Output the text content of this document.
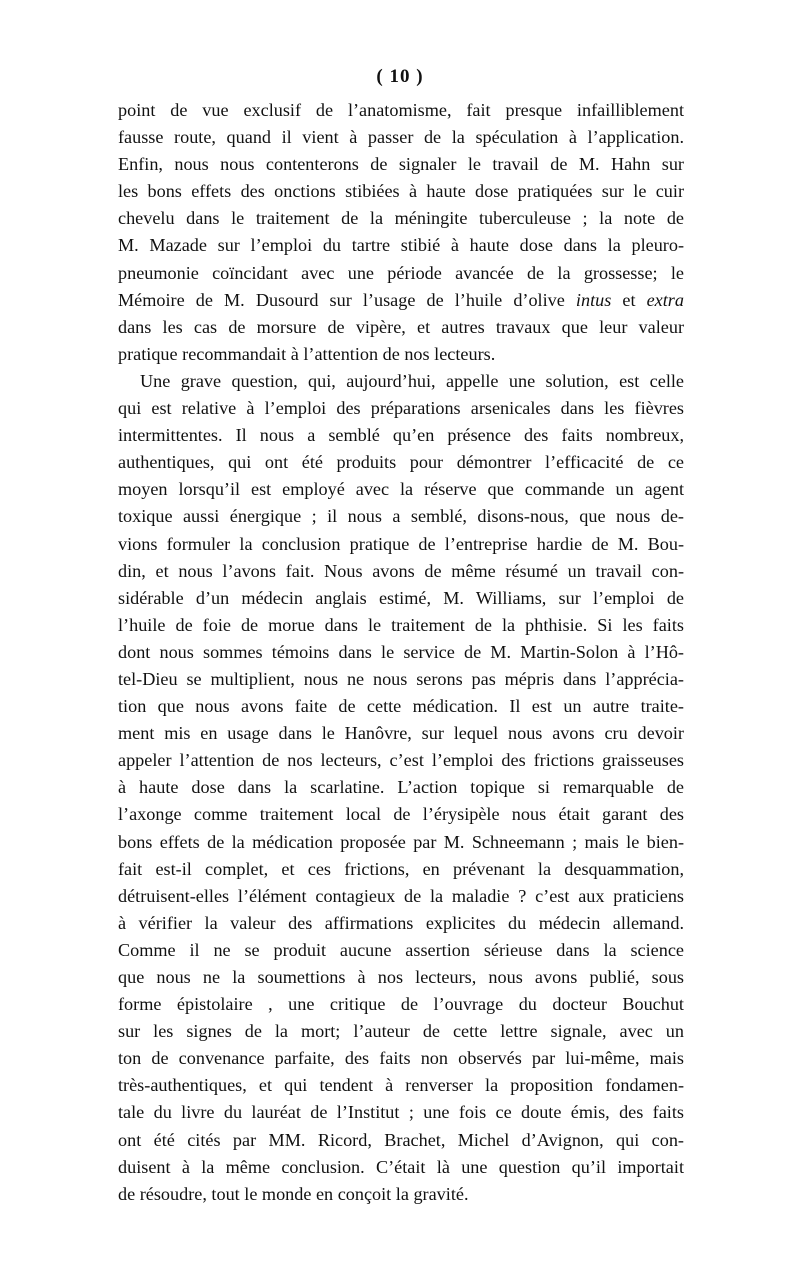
( 10 )
point de vue exclusif de l’anatomisme, fait presque infailliblement
fausse route, quand il vient à passer de la spéculation à l’application.
Enfin, nous nous contenterons de signaler le travail de M. Hahn sur
les bons effets des onctions stibiées à haute dose pratiquées sur le cuir
chevelu dans le traitement de la méningite tuberculeuse ; la note de
M. Mazade sur l’emploi du tartre stibié à haute dose dans la pleuro-
pneumonie coïncidant avec une période avancée de la grossesse; le
Mémoire de M. Dusourd sur l’usage de l’huile d’olive intus et extra
dans les cas de morsure de vipère, et autres travaux que leur valeur
pratique recommandait à l’attention de nos lecteurs.
Une grave question, qui, aujourd’hui, appelle une solution, est celle
qui est relative à l’emploi des préparations arsenicales dans les fièvres
intermittentes. Il nous a semblé qu’en présence des faits nombreux,
authentiques, qui ont été produits pour démontrer l’efficacité de ce
moyen lorsqu’il est employé avec la réserve que commande un agent
toxique aussi énergique ; il nous a semblé, disons-nous, que nous de-
vions formuler la conclusion pratique de l’entreprise hardie de M. Bou-
din, et nous l’avons fait. Nous avons de même résumé un travail con-
sidérable d’un médecin anglais estimé, M. Williams, sur l’emploi de
l’huile de foie de morue dans le traitement de la phthisie. Si les faits
dont nous sommes témoins dans le service de M. Martin-Solon à l’Hô-
tel-Dieu se multiplient, nous ne nous serons pas mépris dans l’apprécia-
tion que nous avons faite de cette médication. Il est un autre traite-
ment mis en usage dans le Hanôvre, sur lequel nous avons cru devoir
appeler l’attention de nos lecteurs, c’est l’emploi des frictions graisseuses
à haute dose dans la scarlatine. L’action topique si remarquable de
l’axonge comme traitement local de l’érysipèle nous était garant des
bons effets de la médication proposée par M. Schneemann ; mais le bien-
fait est-il complet, et ces frictions, en prévenant la desquammation,
détruisent-elles l’élément contagieux de la maladie ? c’est aux praticiens
à vérifier la valeur des affirmations explicites du médecin allemand.
Comme il ne se produit aucune assertion sérieuse dans la science
que nous ne la soumettions à nos lecteurs, nous avons publié, sous
forme épistolaire , une critique de l’ouvrage du docteur Bouchut
sur les signes de la mort; l’auteur de cette lettre signale, avec un
ton de convenance parfaite, des faits non observés par lui-même, mais
très-authentiques, et qui tendent à renverser la proposition fondamen-
tale du livre du lauréat de l’Institut ; une fois ce doute émis, des faits
ont été cités par MM. Ricord, Brachet, Michel d’Avignon, qui con-
duisent à la même conclusion. C’était là une question qu’il importait
de résoudre, tout le monde en conçoit la gravité.
